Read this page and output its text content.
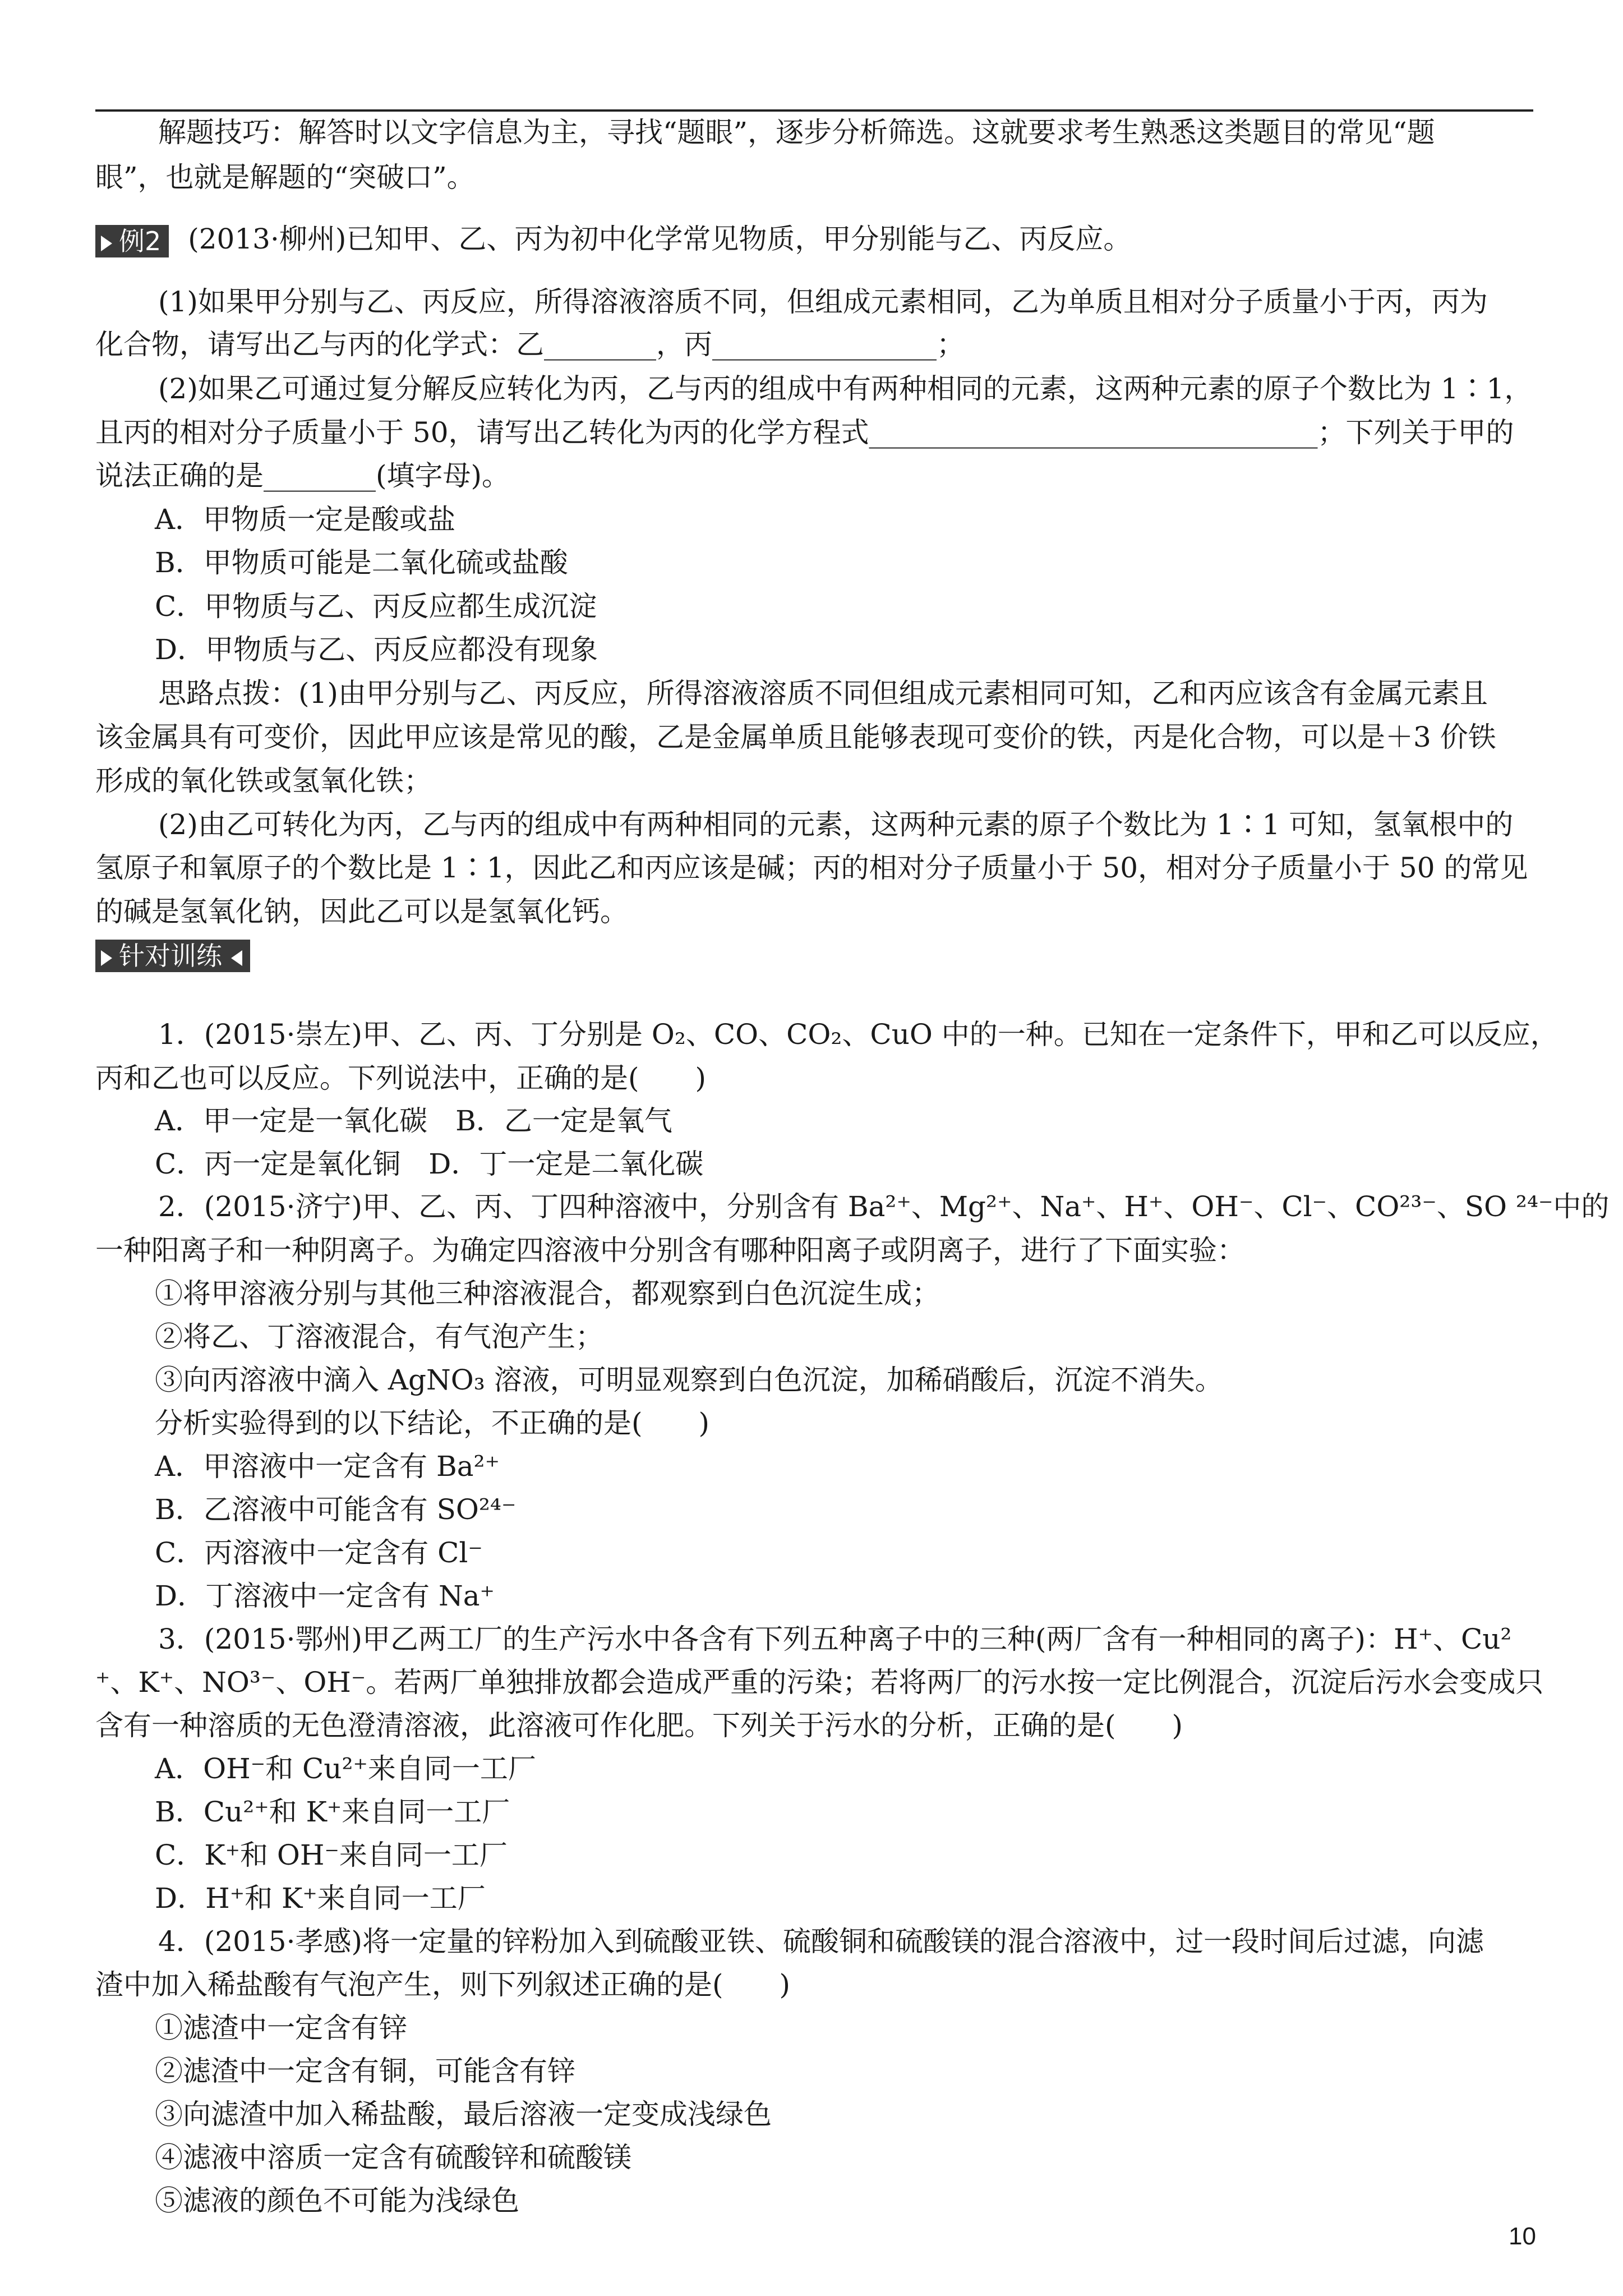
解题技巧：解答时以文字信息为主，寻找“题眼”，逐步分析筛选。这就要求考生熟悉这类题目的常见“题
眼”，也就是解题的“突破口”。
例2 (2013·柳州)已知甲、乙、丙为初中化学常见物质，甲分别能与乙、丙反应。
(1)如果甲分别与乙、丙反应，所得溶液溶质不同，但组成元素相同，乙为单质且相对分子质量小于丙，丙为
化合物，请写出乙与丙的化学式：乙________，丙________________；
(2)如果乙可通过复分解反应转化为丙，乙与丙的组成中有两种相同的元素，这两种元素的原子个数比为 1∶1，
且丙的相对分子质量小于 50，请写出乙转化为丙的化学方程式________________________________；下列关于甲的
说法正确的是________(填字母)。
A．甲物质一定是酸或盐
B．甲物质可能是二氧化硫或盐酸
C．甲物质与乙、丙反应都生成沉淀
D．甲物质与乙、丙反应都没有现象
思路点拨：(1)由甲分别与乙、丙反应，所得溶液溶质不同但组成元素相同可知，乙和丙应该含有金属元素且
该金属具有可变价，因此甲应该是常见的酸，乙是金属单质且能够表现可变价的铁，丙是化合物，可以是＋3 价铁
形成的氧化铁或氢氧化铁；
(2)由乙可转化为丙，乙与丙的组成中有两种相同的元素，这两种元素的原子个数比为 1∶1 可知，氢氧根中的
氢原子和氧原子的个数比是 1∶1，因此乙和丙应该是碱；丙的相对分子质量小于 50，相对分子质量小于 50 的常见
的碱是氢氧化钠，因此乙可以是氢氧化钙。
针对训练
1．(2015·崇左)甲、乙、丙、丁分别是 O₂、CO、CO₂、CuO 中的一种。已知在一定条件下，甲和乙可以反应，
丙和乙也可以反应。下列说法中，正确的是(　　)
A．甲一定是一氧化碳　B．乙一定是氧气
C．丙一定是氧化铜　D．丁一定是二氧化碳
2．(2015·济宁)甲、乙、丙、丁四种溶液中，分别含有 Ba²⁺、Mg²⁺、Na⁺、H⁺、OH⁻、Cl⁻、CO²³⁻、SO ²⁴⁻中的
一种阳离子和一种阴离子。为确定四溶液中分别含有哪种阳离子或阴离子，进行了下面实验：
①将甲溶液分别与其他三种溶液混合，都观察到白色沉淀生成；
②将乙、丁溶液混合，有气泡产生；
③向丙溶液中滴入 AgNO₃ 溶液，可明显观察到白色沉淀，加稀硝酸后，沉淀不消失。
分析实验得到的以下结论，不正确的是(　　)
A．甲溶液中一定含有 Ba²⁺
B．乙溶液中可能含有 SO²⁴⁻
C．丙溶液中一定含有 Cl⁻
D．丁溶液中一定含有 Na⁺
3．(2015·鄂州)甲乙两工厂的生产污水中各含有下列五种离子中的三种(两厂含有一种相同的离子)：H⁺、Cu²
⁺、K⁺、NO³⁻、OH⁻。若两厂单独排放都会造成严重的污染；若将两厂的污水按一定比例混合，沉淀后污水会变成只
含有一种溶质的无色澄清溶液，此溶液可作化肥。下列关于污水的分析，正确的是(　　)
A．OH⁻和 Cu²⁺来自同一工厂
B．Cu²⁺和 K⁺来自同一工厂
C．K⁺和 OH⁻来自同一工厂
D．H⁺和 K⁺来自同一工厂
4．(2015·孝感)将一定量的锌粉加入到硫酸亚铁、硫酸铜和硫酸镁的混合溶液中，过一段时间后过滤，向滤
渣中加入稀盐酸有气泡产生，则下列叙述正确的是(　　)
①滤渣中一定含有锌
②滤渣中一定含有铜，可能含有锌
③向滤渣中加入稀盐酸，最后溶液一定变成浅绿色
④滤液中溶质一定含有硫酸锌和硫酸镁
⑤滤液的颜色不可能为浅绿色
10
